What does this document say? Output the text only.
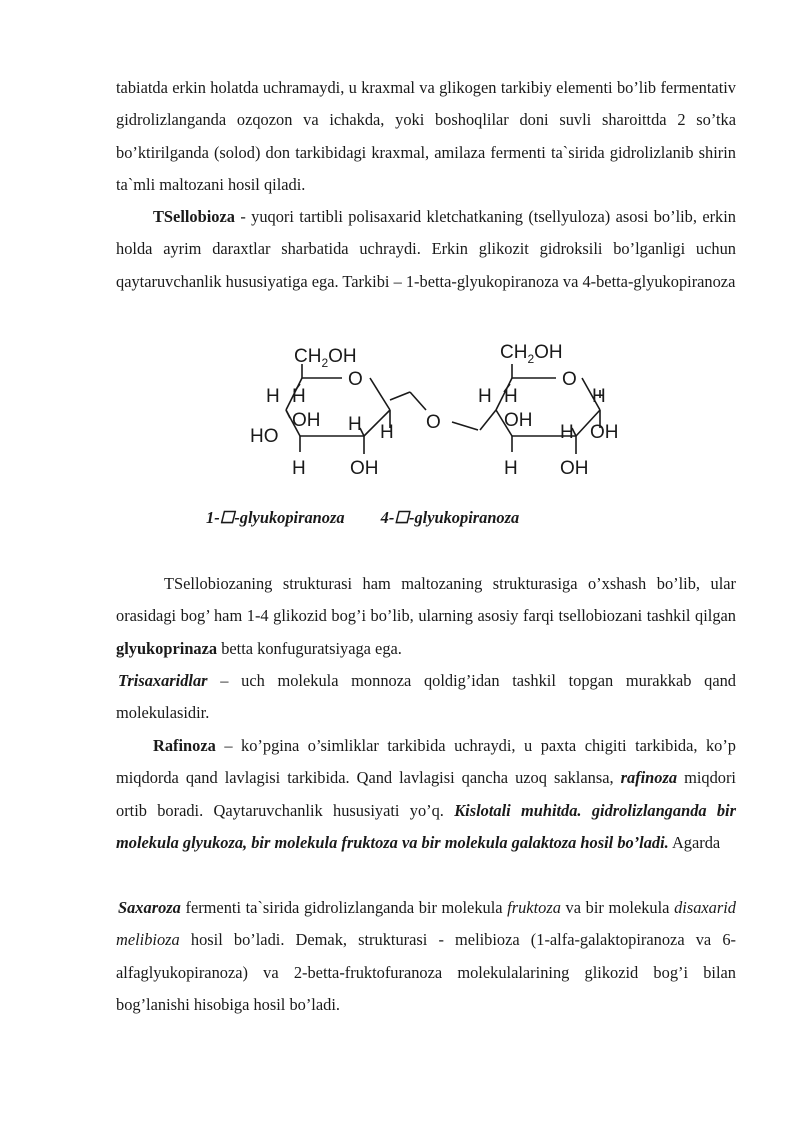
tabiatda erkin holatda uchramaydi, u kraxmal va glikogen tarkibiy elementi bo’lib fermentativ gidrolizlanganda ozqozon va ichakda, yoki boshoqlilar doni suvli sharoittda 2 so’tka bo’ktirilganda (solod) don tarkibidagi kraxmal, amilaza fermenti ta`sirida gidrolizlanib shirin ta`mli maltozani hosil qiladi.

TSellobioza - yuqori tartibli polisaxarid kletchatkaning (tsellyuloza) asosi bo’lib, erkin holda ayrim daraxtlar sharbatida uchraydi. Erkin glikozit gidroksili bo’lganligi uchun qaytaruvchanlik hususiyatiga ega. Tarkibi – 1-betta-glyukopiranoza va 4-betta-glyukopiranoza

$CH_2OH$
O
H H
OH
HO
H H
H OH
O
$CH_2OH$
O
H H	H
OH
H OH
H OH
1-☐-glyukopiranoza 4-☐-glyukopiranoza

TSellobiozaning strukturasi ham maltozaning strukturasiga o’xshash bo’lib, ular orasidagi bog’ ham 1-4 glikozid bog’i bo’lib, ularning asosiy farqi tsellobiozani tashkil qilgan glyukoprinaza betta konfuguratsiyaga ega.

Trisaxaridlar – uch molekula monnoza qoldig’idan tashkil topgan murakkab qand molekulasidir.

Rafinoza – ko’pgina o’simliklar tarkibida uchraydi, u paxta chigiti tarkibida, ko’p miqdorda qand lavlagisi tarkibida. Qand lavlagisi qancha uzoq saklansa, rafinoza miqdori ortib boradi. Qaytaruvchanlik hususiyati yo’q. Kislotali muhitda. gidrolizlanganda bir molekula glyukoza, bir molekula fruktoza va bir molekula galaktoza hosil bo’ladi. Agarda

Saxaroza fermenti ta`sirida gidrolizlanganda bir molekula fruktoza va bir molekula disaxarid melibioza hosil bo’ladi. Demak, strukturasi - melibioza (1-alfa-galaktopiranoza va 6-alfaglyukopiranoza) va 2-betta-fruktofuranoza molekulalarining glikozid bog’i bilan bog’lanishi hisobiga hosil bo’ladi.
